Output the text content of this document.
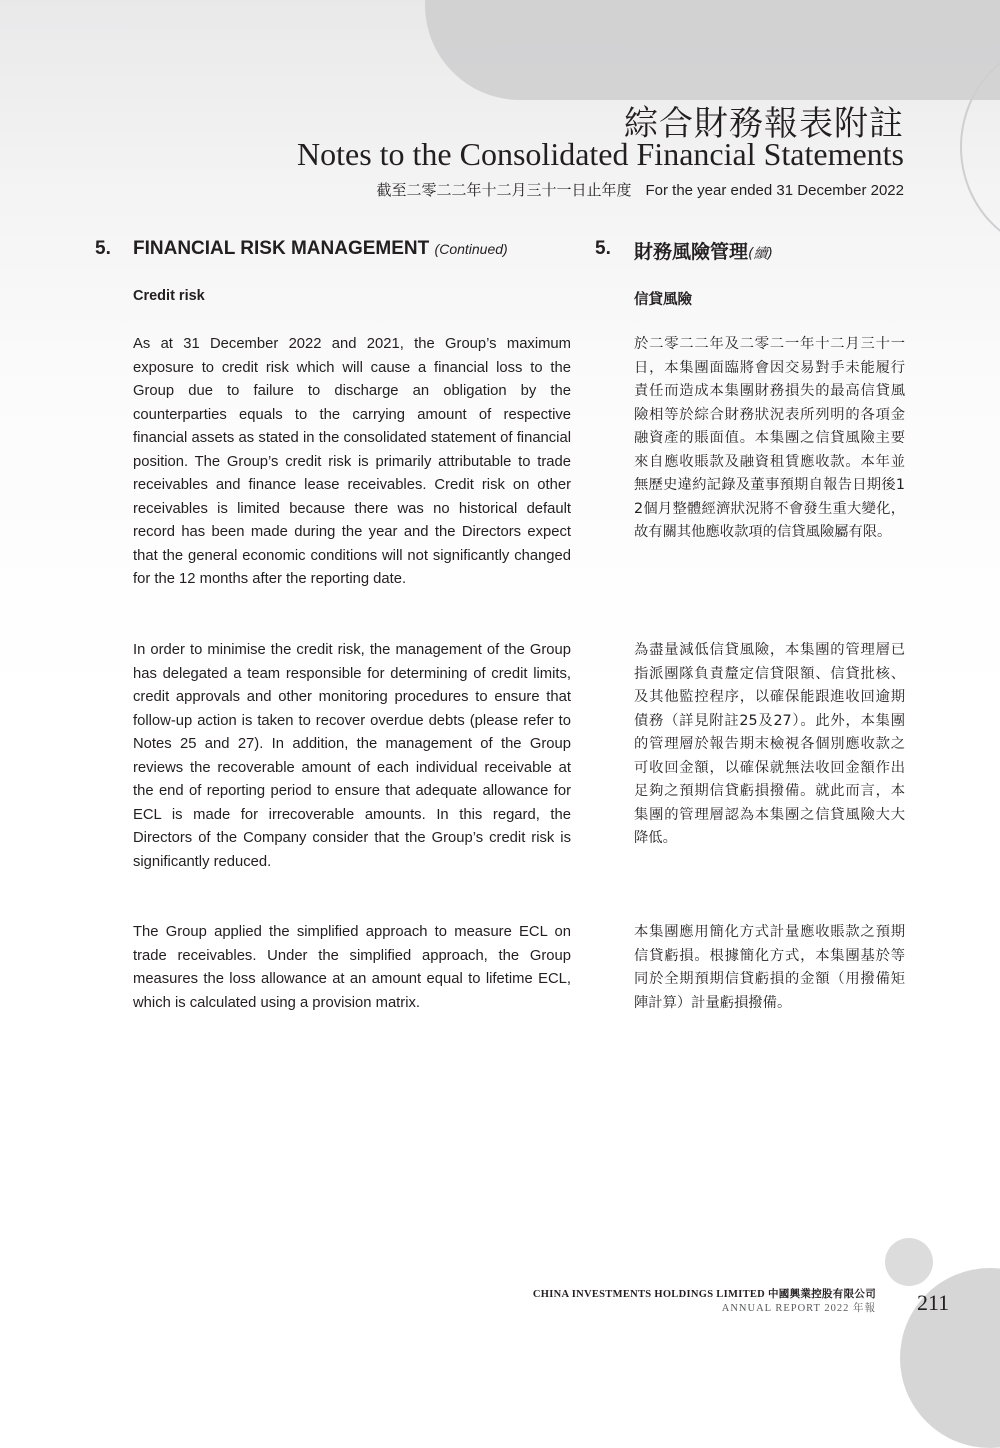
綜合財務報表附註
Notes to the Consolidated Financial Statements
截至二零二二年十二月三十一日止年度 For the year ended 31 December 2022
5. FINANCIAL RISK MANAGEMENT (Continued)
Credit risk

As at 31 December 2022 and 2021, the Group’s maximum exposure to credit risk which will cause a financial loss to the Group due to failure to discharge an obligation by the counterparties equals to the carrying amount of respective financial assets as stated in the consolidated statement of financial position. The Group’s credit risk is primarily attributable to trade receivables and finance lease receivables. Credit risk on other receivables is limited because there was no historical default record has been made during the year and the Directors expect that the general economic conditions will not significantly changed for the 12 months after the reporting date.

In order to minimise the credit risk, the management of the Group has delegated a team responsible for determining of credit limits, credit approvals and other monitoring procedures to ensure that follow-up action is taken to recover overdue debts (please refer to Notes 25 and 27). In addition, the management of the Group reviews the recoverable amount of each individual receivable at the end of reporting period to ensure that adequate allowance for ECL is made for irrecoverable amounts. In this regard, the Directors of the Company consider that the Group’s credit risk is significantly reduced.

The Group applied the simplified approach to measure ECL on trade receivables. Under the simplified approach, the Group measures the loss allowance at an amount equal to lifetime ECL, which is calculated using a provision matrix.

5. 財務風險管理(續)
信貸風險

於二零二二年及二零二一年十二月三十一日，本集團面臨將會因交易對手未能履行責任而造成本集團財務損失的最高信貸風險相等於綜合財務狀況表所列明的各項金融資產的賬面值。本集團之信貸風險主要來自應收賬款及融資租賃應收款。本年並無歷史違約記錄及董事預期自報告日期後12個月整體經濟狀況將不會發生重大變化，故有關其他應收款項的信貸風險屬有限。

為盡量減低信貸風險，本集團的管理層已指派團隊負責釐定信貸限額、信貸批核、及其他監控程序，以確保能跟進收回逾期債務（詳見附註25及27）。此外，本集團的管理層於報告期末檢視各個別應收款之可收回金額，以確保就無法收回金額作出足夠之預期信貸虧損撥備。就此而言，本集團的管理層認為本集團之信貸風險大大降低。

本集團應用簡化方式計量應收賬款之預期信貸虧損。根據簡化方式，本集團基於等同於全期預期信貸虧損的金額（用撥備矩陣計算）計量虧損撥備。

CHINA INVESTMENTS HOLDINGS LIMITED 中國興業控股有限公司
ANNUAL REPORT 2022 年報 211
